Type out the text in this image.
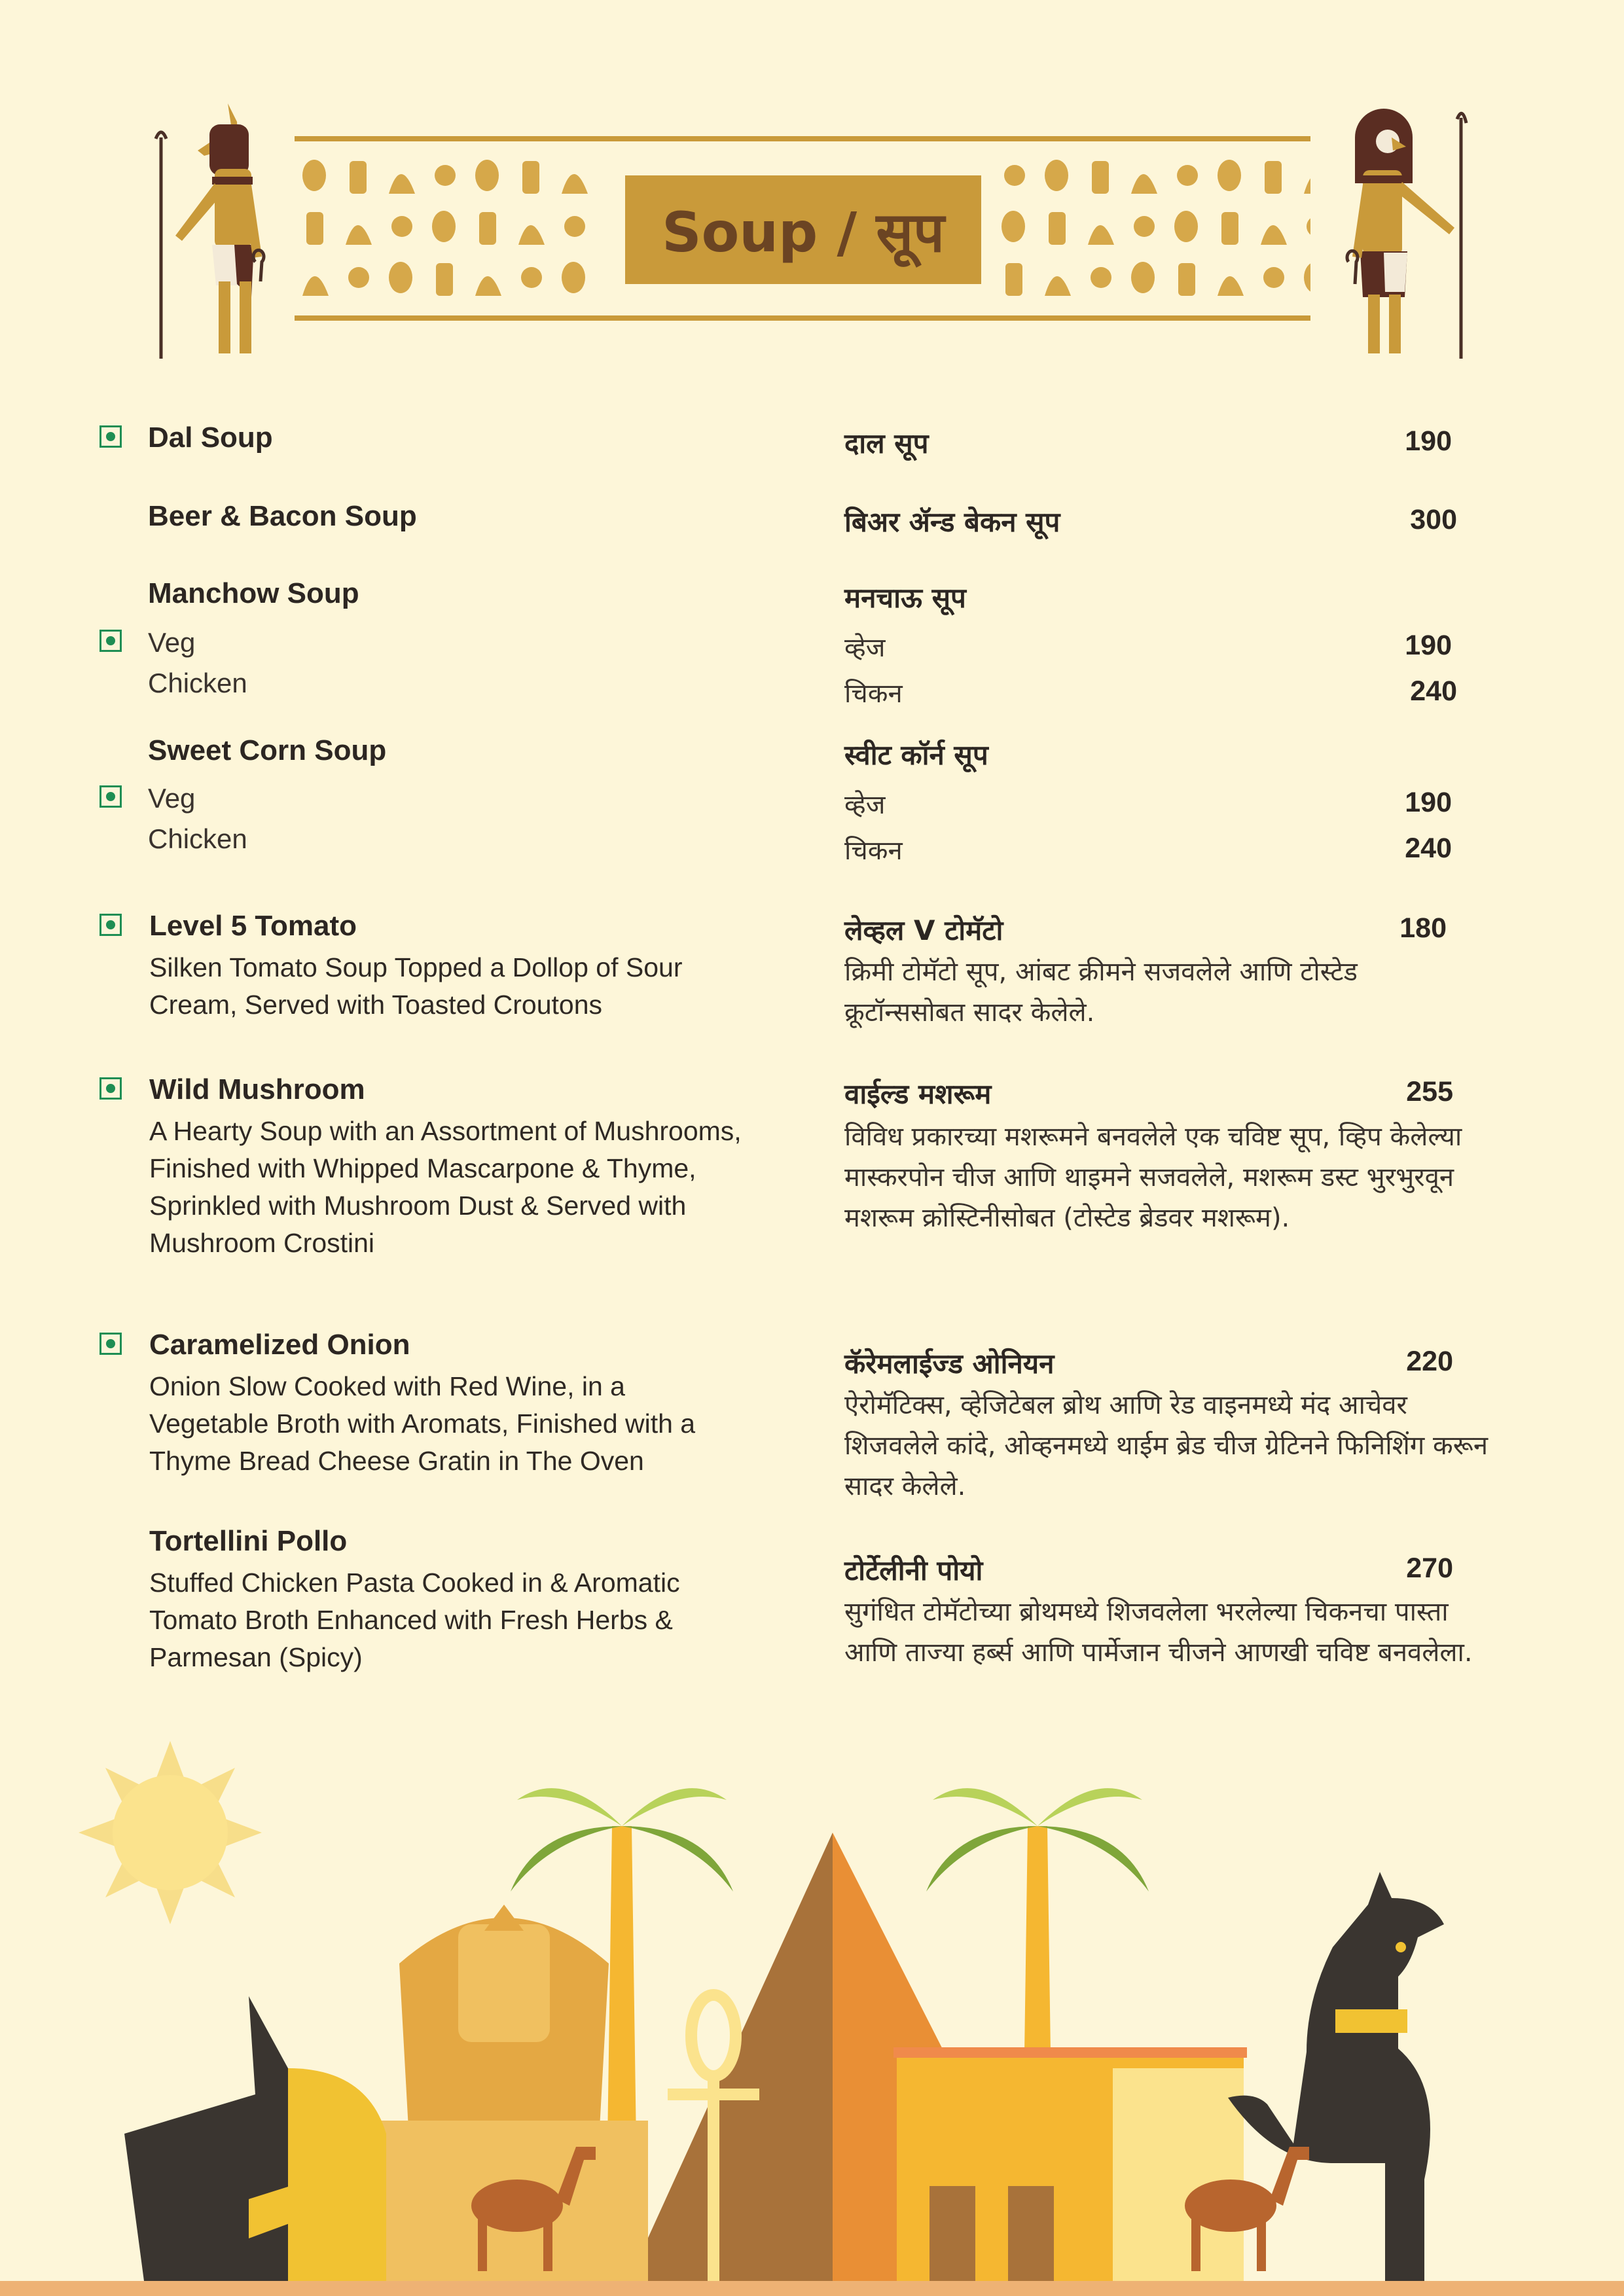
Soup / सूप
Dal Soup	दाल सूप	190
Beer & Bacon Soup	बिअर ॲन्ड बेकन सूप	300
Manchow Soup	मनचाऊ सूप
Veg	व्हेज	190
Chicken	चिकन	240
Sweet Corn Soup	स्वीट कॉर्न सूप
Veg	व्हेज	190
Chicken	चिकन	240
Level 5 Tomato
Silken Tomato Soup Topped a Dollop of Sour Cream, Served with Toasted Croutons
लेव्हल V टोमॅटो	180
क्रिमी टोमॅटो सूप, आंबट क्रीमने सजवलेले आणि टोस्टेड क्रूटॉन्ससोबत सादर केलेले.
Wild Mushroom
A Hearty Soup with an Assortment of Mushrooms, Finished with Whipped Mascarpone & Thyme, Sprinkled with Mushroom Dust & Served with Mushroom Crostini
वाईल्ड मशरूम	255
विविध प्रकारच्या मशरूमने बनवलेले एक चविष्ट सूप, व्हिप केलेल्या मास्करपोन चीज आणि थाइमने सजवलेले, मशरूम डस्ट भुरभुरवून मशरूम क्रोस्टिनीसोबत (टोस्टेड ब्रेडवर मशरूम).
Caramelized Onion
Onion Slow Cooked with Red Wine, in a Vegetable Broth with Aromats, Finished with a Thyme Bread Cheese Gratin in The Oven
कॅरेमलाईज्ड ओनियन	220
ऐरोमॅटिक्स, व्हेजिटेबल ब्रोथ आणि रेड वाइनमध्ये मंद आचेवर शिजवलेले कांदे, ओव्हनमध्ये थाईम ब्रेड चीज ग्रेटिनने फिनिशिंग करून सादर केलेले.
Tortellini Pollo
Stuffed Chicken Pasta Cooked in & Aromatic Tomato Broth Enhanced with Fresh Herbs & Parmesan (Spicy)
टोर्टेलीनी पोयो	270
सुगंधित टोमॅटोच्या ब्रोथमध्ये शिजवलेला भरलेल्या चिकनचा पास्ता आणि ताज्या हर्ब्स आणि पार्मेजान चीजने आणखी चविष्ट बनवलेला.
